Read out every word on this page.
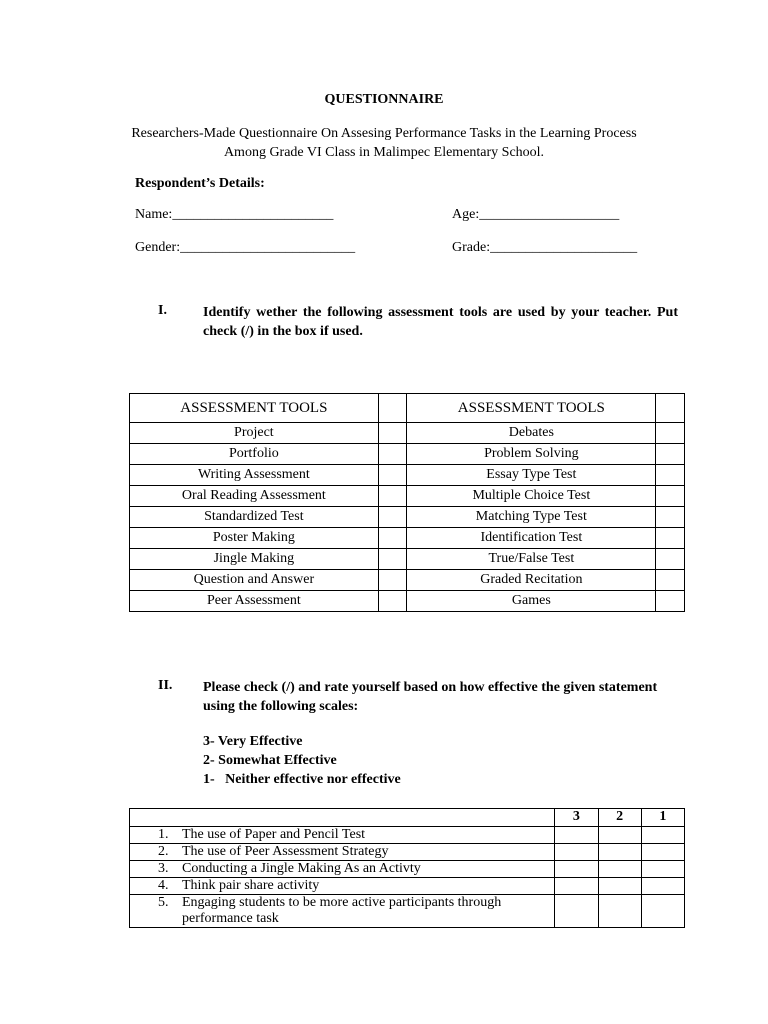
QUESTIONNAIRE
Researchers-Made Questionnaire On Assesing Performance Tasks in the Learning Process
Among Grade VI Class in Malimpec Elementary School.
Respondent’s Details:
Name:_______________________	Age:____________________
Gender:_________________________	Grade:_____________________
I.	Identify wether the following assessment tools are used by your teacher. Put check (/) in the box if used.
ASSESSMENT TOOLS		ASSESSMENT TOOLS	
Project		Debates	
Portfolio		Problem Solving	
Writing Assessment		Essay Type Test	
Oral Reading Assessment		Multiple Choice Test	
Standardized Test		Matching Type Test	
Poster Making		Identification Test	
Jingle Making		True/False Test	
Question and Answer		Graded Recitation	
Peer Assessment		Games	
II. Please check (/) and rate yourself based on how effective the given statement using the following scales:
3- Very Effective
2- Somewhat Effective
1-   Neither effective nor effective
	3	2	1
1. The use of Paper and Pencil Test			
2. The use of Peer Assessment Strategy			
3. Conducting a Jingle Making As an Activty			
4. Think pair share activity			
5. Engaging students to be more active participants through
performance task			
